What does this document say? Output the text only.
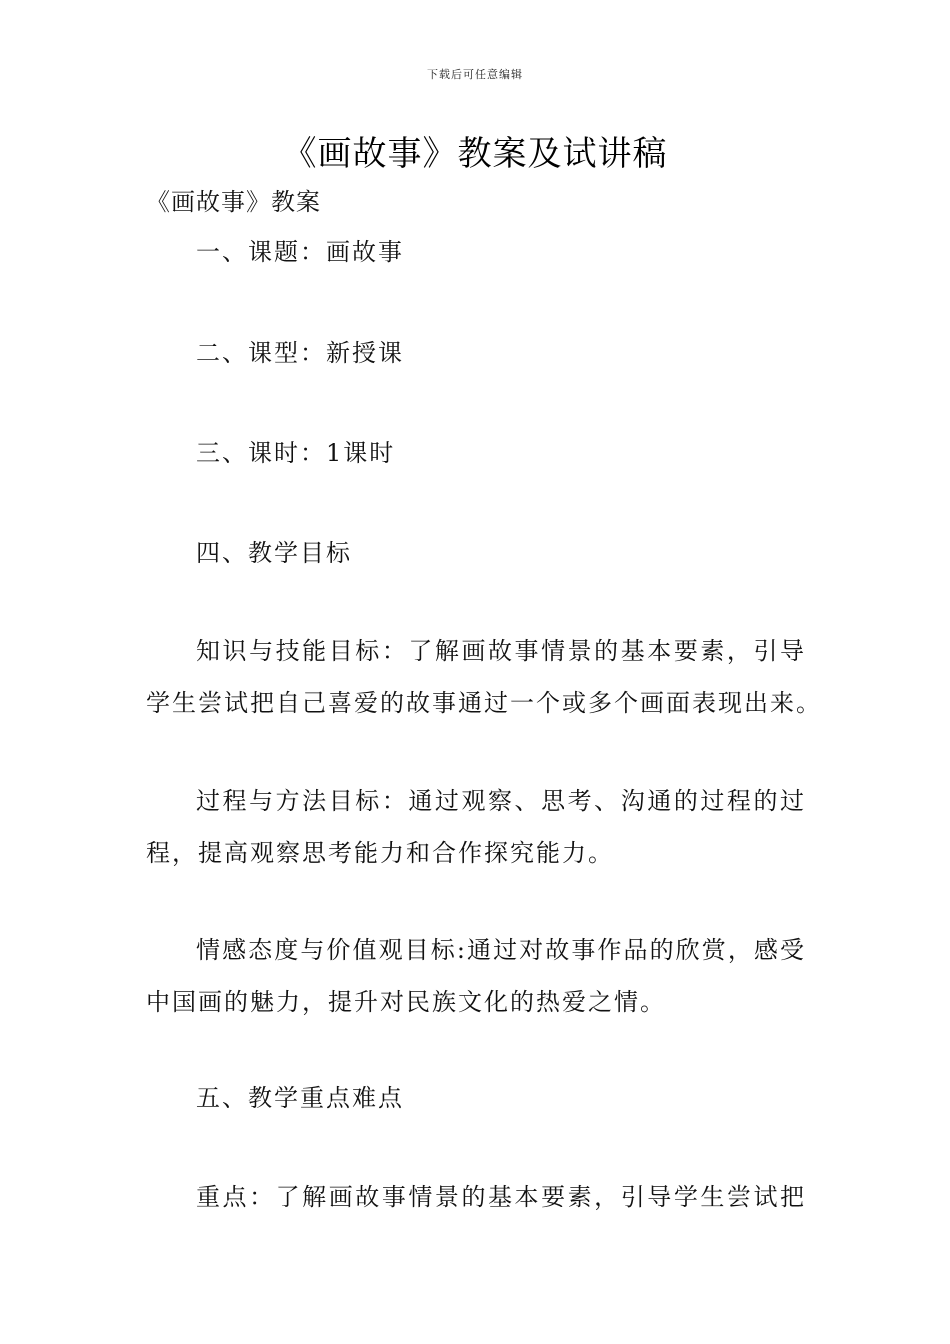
下载后可任意编辑
《画故事》教案及试讲稿
《画故事》教案
一、课题：画故事
二、课型：新授课
三、课时：1课时
四、教学目标
知识与技能目标：了解画故事情景的基本要素，引导
学生尝试把自己喜爱的故事通过一个或多个画面表现出来。
过程与方法目标：通过观察、思考、沟通的过程的过
程，提高观察思考能力和合作探究能力。
情感态度与价值观目标:通过对故事作品的欣赏，感受
中国画的魅力，提升对民族文化的热爱之情。
五、教学重点难点
重点：了解画故事情景的基本要素，引导学生尝试把
